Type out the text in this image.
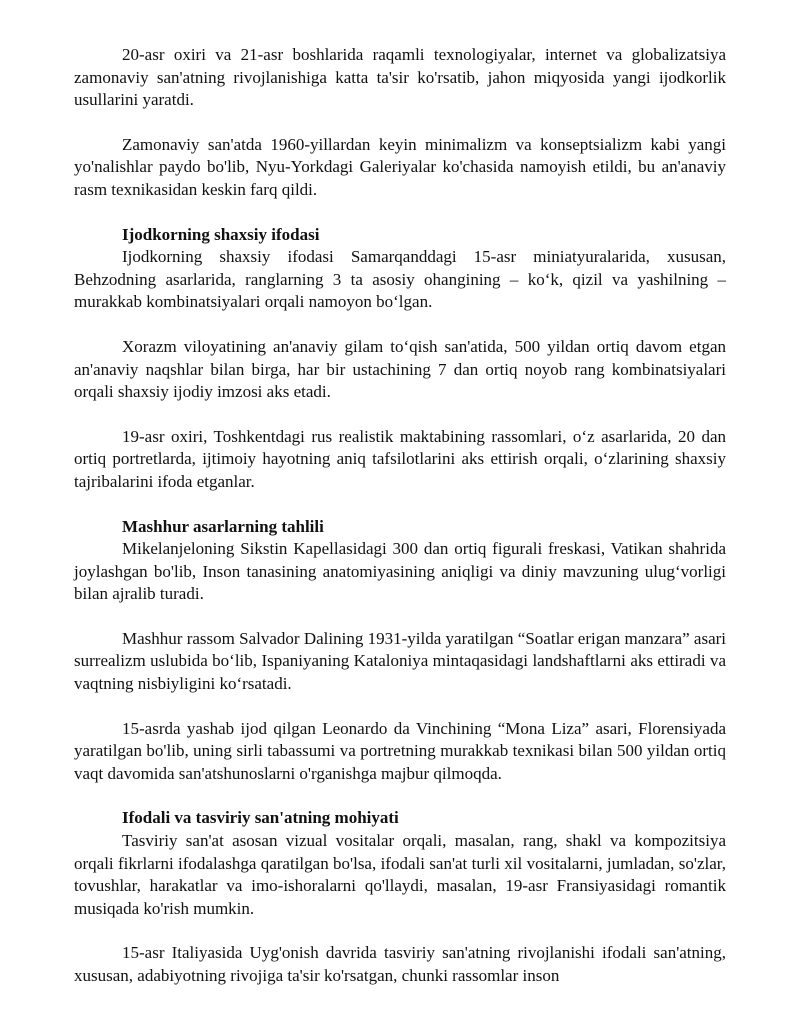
20-asr oxiri va 21-asr boshlarida raqamli texnologiyalar, internet va globalizatsiya zamonaviy san'atning rivojlanishiga katta ta'sir ko'rsatib, jahon miqyosida yangi ijodkorlik usullarini yaratdi.

Zamonaviy san'atda 1960-yillardan keyin minimalizm va konseptsializm kabi yangi yo'nalishlar paydo bo'lib, Nyu-Yorkdagi Galeriyalar ko'chasida namoyish etildi, bu an'anaviy rasm texnikasidan keskin farq qildi.

Ijodkorning shaxsiy ifodasi

Ijodkorning shaxsiy ifodasi Samarqanddagi 15-asr miniatyuralarida, xususan, Behzodning asarlarida, ranglarning 3 ta asosiy ohangining – ko‘k, qizil va yashilning – murakkab kombinatsiyalari orqali namoyon bo‘lgan.

Xorazm viloyatining an'anaviy gilam to‘qish san'atida, 500 yildan ortiq davom etgan an'anaviy naqshlar bilan birga, har bir ustachining 7 dan ortiq noyob rang kombinatsiyalari orqali shaxsiy ijodiy imzosi aks etadi.

19-asr oxiri, Toshkentdagi rus realistik maktabining rassomlari, o‘z asarlarida, 20 dan ortiq portretlarda, ijtimoiy hayotning aniq tafsilotlarini aks ettirish orqali, o‘zlarining shaxsiy tajribalarini ifoda etganlar.

Mashhur asarlarning tahlili

Mikelanjeloning Sikstin Kapellasidagi 300 dan ortiq figurali freskasi, Vatikan shahrida joylashgan bo'lib, Inson tanasining anatomiyasining aniqligi va diniy mavzuning ulug‘vorligi bilan ajralib turadi.

Mashhur rassom Salvador Dalining 1931-yilda yaratilgan “Soatlar erigan manzara” asari surrealizm uslubida bo‘lib, Ispaniyaning Kataloniya mintaqasidagi landshaftlarni aks ettiradi va vaqtning nisbiyligini ko‘rsatadi.

15-asrda yashab ijod qilgan Leonardo da Vinchining “Mona Liza” asari, Florensiyada yaratilgan bo'lib, uning sirli tabassumi va portretning murakkab texnikasi bilan 500 yildan ortiq vaqt davomida san'atshunoslarni o'rganishga majbur qilmoqda.

Ifodali va tasviriy san'atning mohiyati

Tasviriy san'at asosan vizual vositalar orqali, masalan, rang, shakl va kompozitsiya orqali fikrlarni ifodalashga qaratilgan bo'lsa, ifodali san'at turli xil vositalarni, jumladan, so'zlar, tovushlar, harakatlar va imo-ishoralarni qo'llaydi, masalan, 19-asr Fransiyasidagi romantik musiqada ko'rish mumkin.

15-asr Italiyasida Uyg'onish davrida tasviriy san'atning rivojlanishi ifodali san'atning, xususan, adabiyotning rivojiga ta'sir ko'rsatgan, chunki rassomlar inson
